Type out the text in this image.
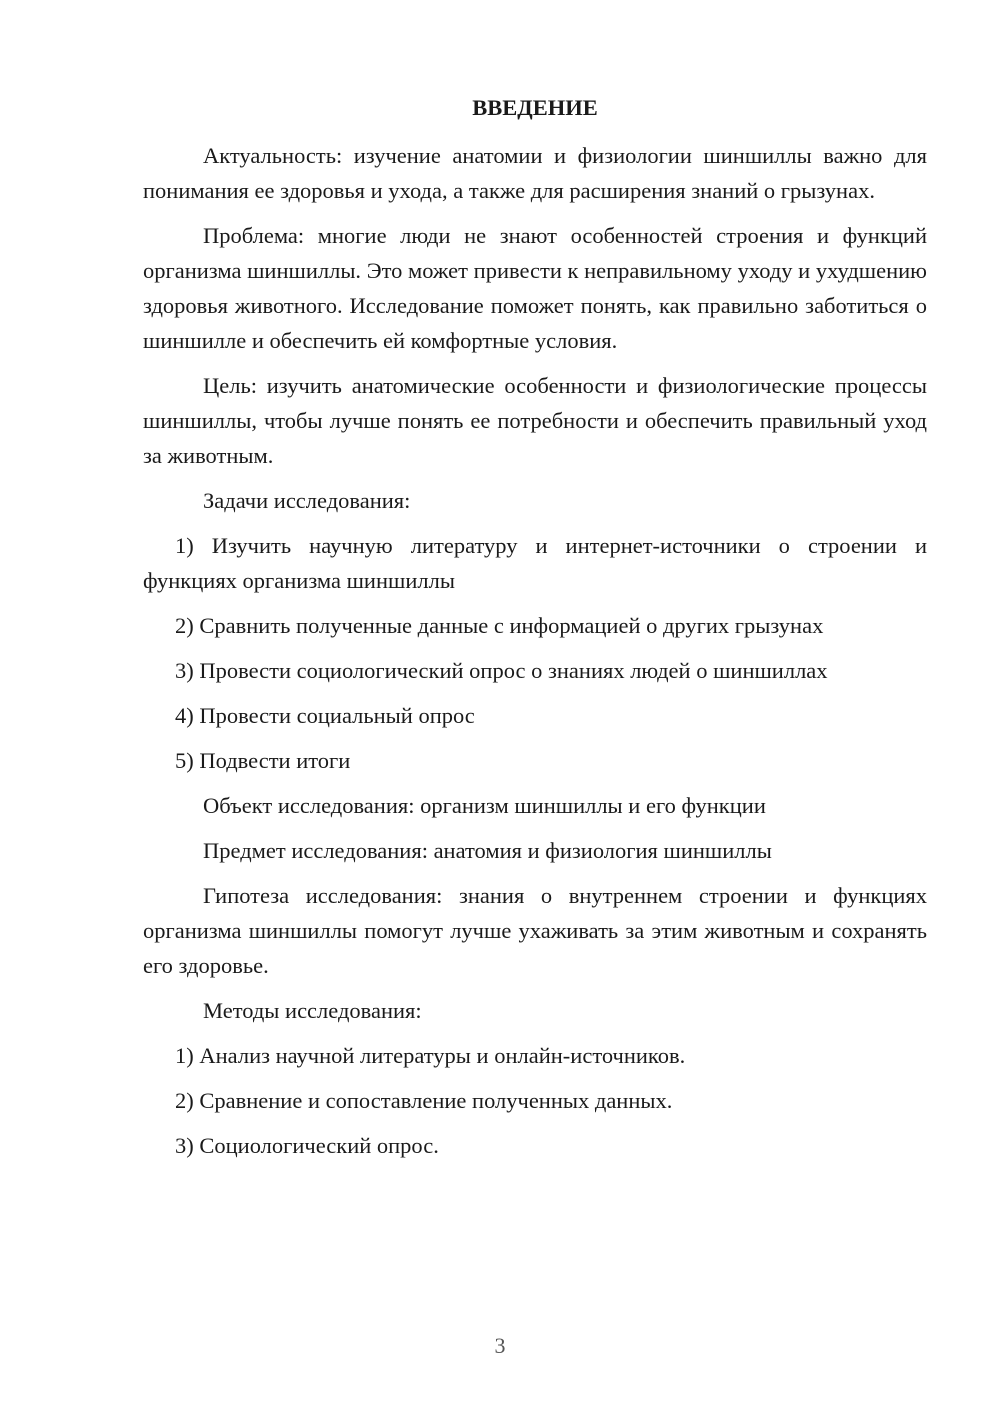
ВВЕДЕНИЕ

Актуальность: изучение анатомии и физиологии шиншиллы важно для понимания ее здоровья и ухода, а также для расширения знаний о грызунах.

Проблема: многие люди не знают особенностей строения и функций организма шиншиллы. Это может привести к неправильному уходу и ухудшению здоровья животного. Исследование поможет понять, как правильно заботиться о шиншилле и обеспечить ей комфортные условия.

Цель: изучить анатомические особенности и физиологические процессы шиншиллы, чтобы лучше понять ее потребности и обеспечить правильный уход за животным.

Задачи исследования:

1) Изучить научную литературу и интернет-источники о строении и функциях организма шиншиллы

2) Сравнить полученные данные с информацией о других грызунах

3) Провести социологический опрос о знаниях людей о шиншиллах

4) Провести социальный опрос

5) Подвести итоги

Объект исследования: организм шиншиллы и его функции

Предмет исследования: анатомия и физиология шиншиллы

Гипотеза исследования: знания о внутреннем строении и функциях организма шиншиллы помогут лучше ухаживать за этим животным и сохранять его здоровье.

Методы исследования:

1) Анализ научной литературы и онлайн-источников.

2) Сравнение и сопоставление полученных данных.

3) Социологический опрос.

3
